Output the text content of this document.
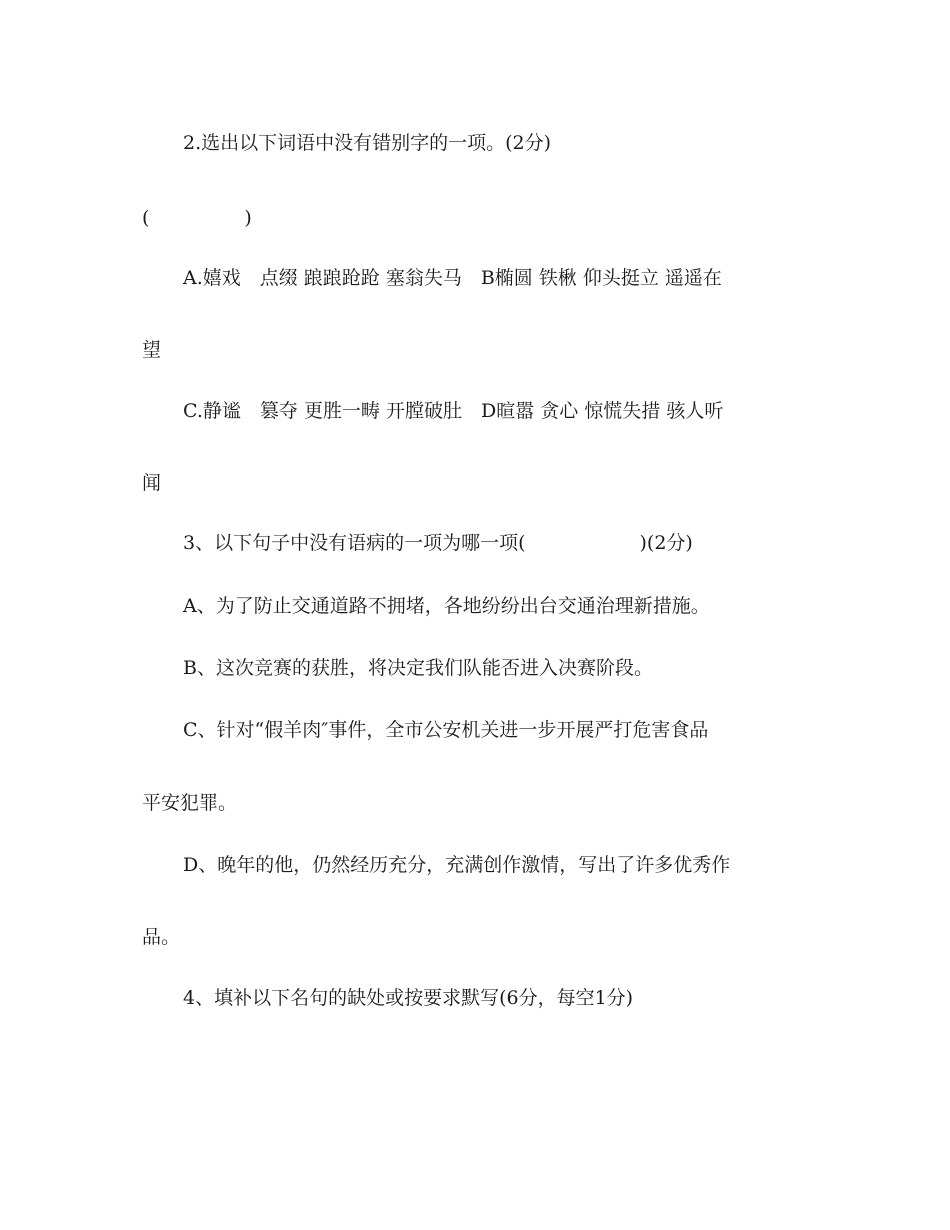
2.选出以下词语中没有错别字的一项。(2分)
(　　　　　)
A.嬉戏　点缀 踉踉跄跄 塞翁失马　B椭圆 铁楸 仰头挺立 遥遥在
望
C.静谧　篡夺 更胜一畴 开膛破肚　D暄嚣 贪心 惊慌失措 骇人听
闻
3、以下句子中没有语病的一项为哪一项(　　　　　　)(2分)
A、为了防止交通道路不拥堵，各地纷纷出台交通治理新措施。
B、这次竞赛的获胜，将决定我们队能否进入决赛阶段。
C、针对“假羊肉″事件，全市公安机关进一步开展严打危害食品
平安犯罪。
D、晚年的他，仍然经历充分，充满创作激情，写出了许多优秀作
品。
4、填补以下名句的缺处或按要求默写(6分，每空1分)
